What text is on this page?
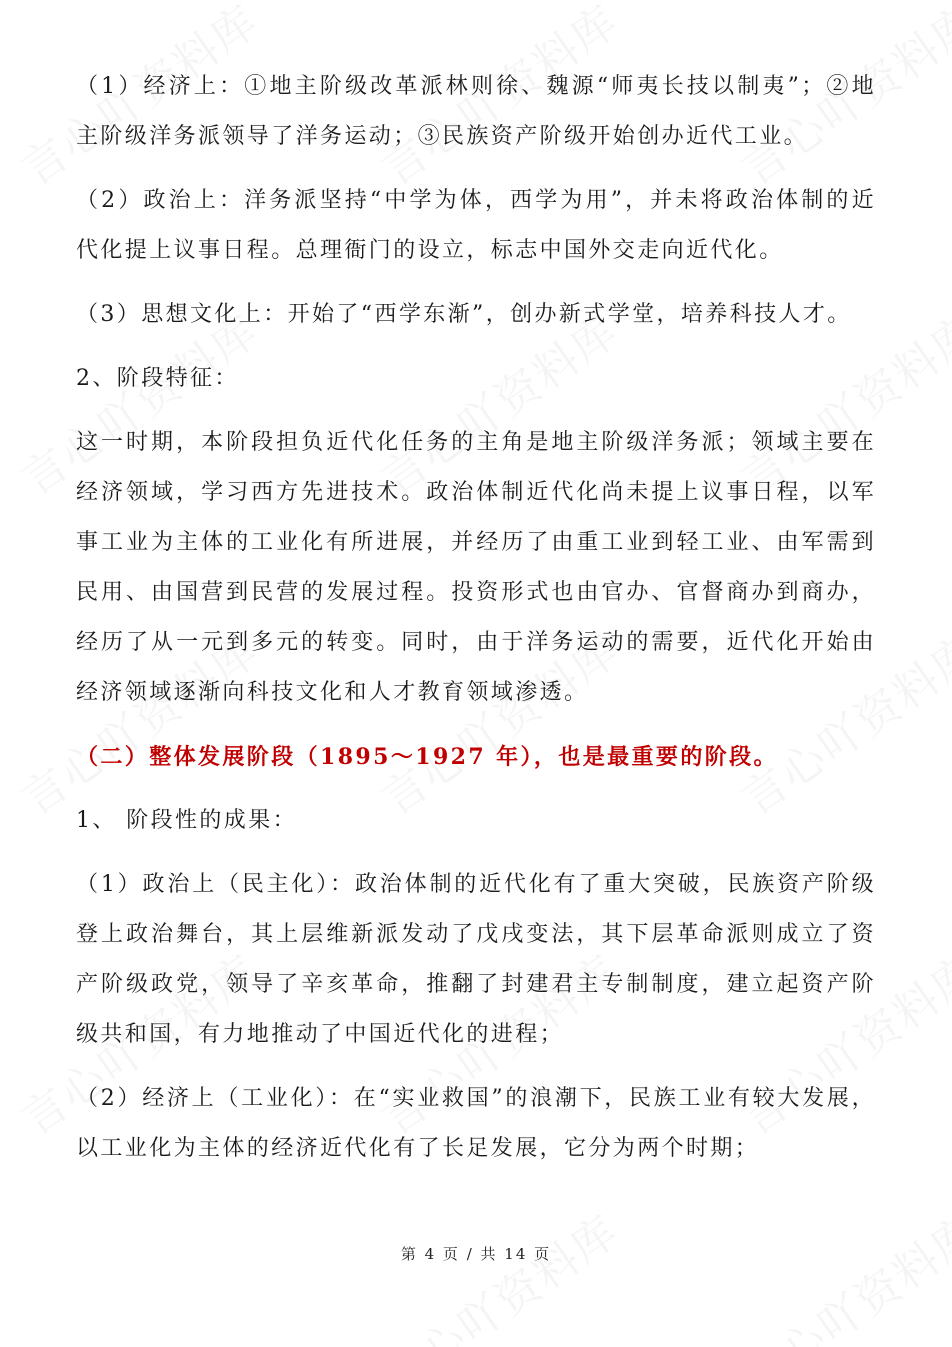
（1）经济上：①地主阶级改革派林则徐、魏源“师夷长技以制夷”；②地主阶级洋务派领导了洋务运动；③民族资产阶级开始创办近代工业。

（2）政治上：洋务派坚持“中学为体，西学为用”，并未将政治体制的近代化提上议事日程。总理衙门的设立，标志中国外交走向近代化。

（3）思想文化上：开始了“西学东渐”，创办新式学堂，培养科技人才。

2、阶段特征：

这一时期，本阶段担负近代化任务的主角是地主阶级洋务派；领域主要在经济领域，学习西方先进技术。政治体制近代化尚未提上议事日程，以军事工业为主体的工业化有所进展，并经历了由重工业到轻工业、由军需到民用、由国营到民营的发展过程。投资形式也由官办、官督商办到商办，经历了从一元到多元的转变。同时，由于洋务运动的需要，近代化开始由经济领域逐渐向科技文化和人才教育领域渗透。

（二）整体发展阶段（1895～1927 年），也是最重要的阶段。

1、 阶段性的成果：

（1）政治上（民主化）：政治体制的近代化有了重大突破，民族资产阶级登上政治舞台，其上层维新派发动了戊戌变法，其下层革命派则成立了资产阶级政党，领导了辛亥革命，推翻了封建君主专制制度，建立起资产阶级共和国，有力地推动了中国近代化的进程；

（2）经济上（工业化）：在“实业救国”的浪潮下，民族工业有较大发展，以工业化为主体的经济近代化有了长足发展，它分为两个时期；

第 4 页 / 共 14 页
